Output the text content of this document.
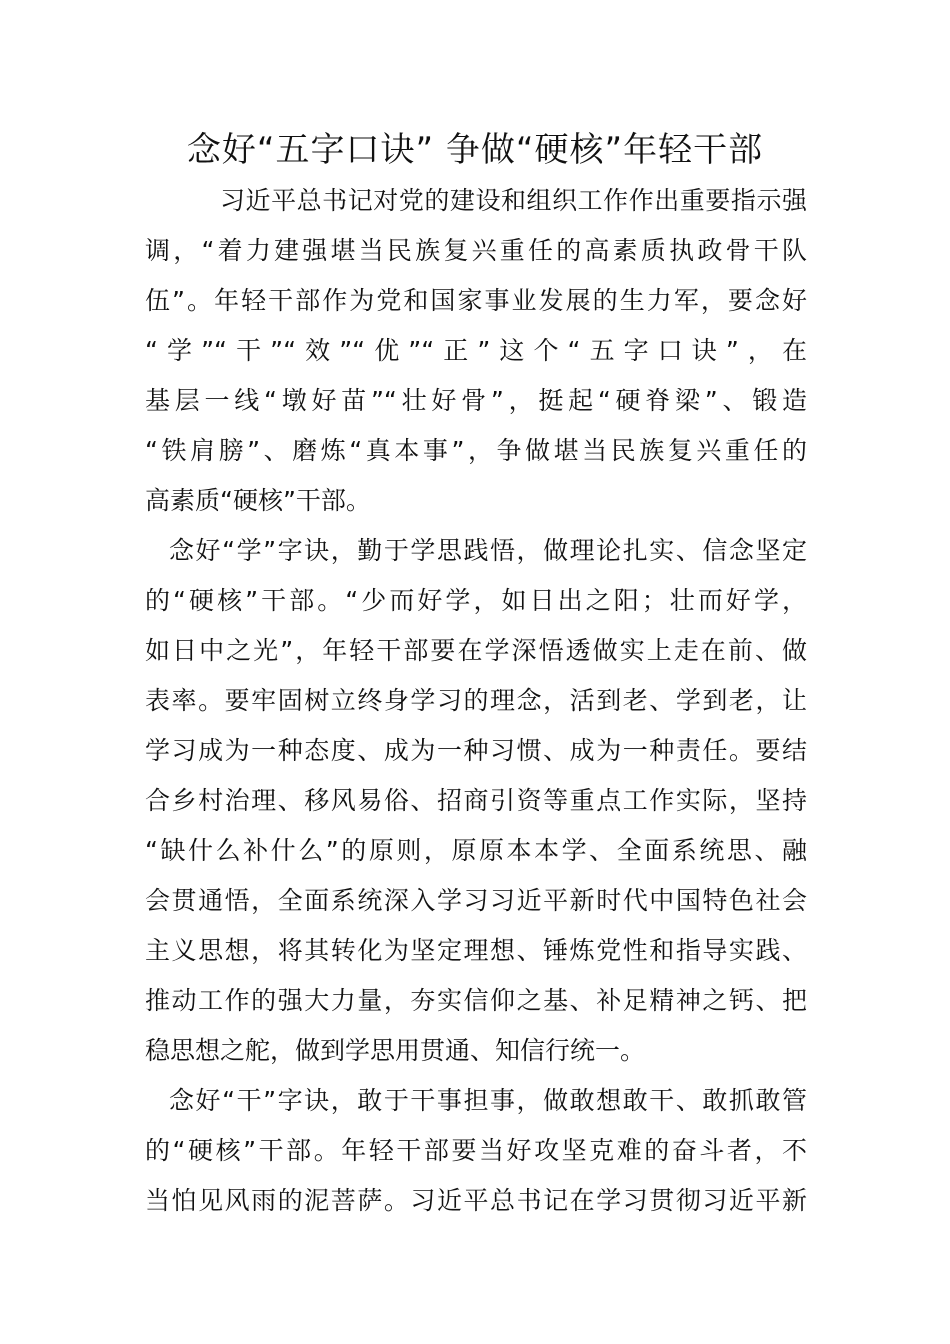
念好“五字口诀” 争做“硬核”年轻干部
习近平总书记对党的建设和组织工作作出重要指示强
调，“着力建强堪当民族复兴重任的高素质执政骨干队
伍”。年轻干部作为党和国家事业发展的生力军，要念好
“学”“干”“效”“优”“正”这个“五字口诀”，在
基层一线“墩好苗”“壮好骨”，挺起“硬脊梁”、锻造
“铁肩膀”、磨炼“真本事”，争做堪当民族复兴重任的
高素质“硬核”干部。
念好“学”字诀，勤于学思践悟，做理论扎实、信念坚定
的“硬核”干部。“少而好学，如日出之阳；壮而好学，
如日中之光”，年轻干部要在学深悟透做实上走在前、做
表率。要牢固树立终身学习的理念，活到老、学到老，让
学习成为一种态度、成为一种习惯、成为一种责任。要结
合乡村治理、移风易俗、招商引资等重点工作实际，坚持
“缺什么补什么”的原则，原原本本学、全面系统思、融
会贯通悟，全面系统深入学习习近平新时代中国特色社会
主义思想，将其转化为坚定理想、锤炼党性和指导实践、
推动工作的强大力量，夯实信仰之基、补足精神之钙、把
稳思想之舵，做到学思用贯通、知信行统一。
念好“干”字诀，敢于干事担事，做敢想敢干、敢抓敢管
的“硬核”干部。年轻干部要当好攻坚克难的奋斗者，不
当怕见风雨的泥菩萨。习近平总书记在学习贯彻习近平新
